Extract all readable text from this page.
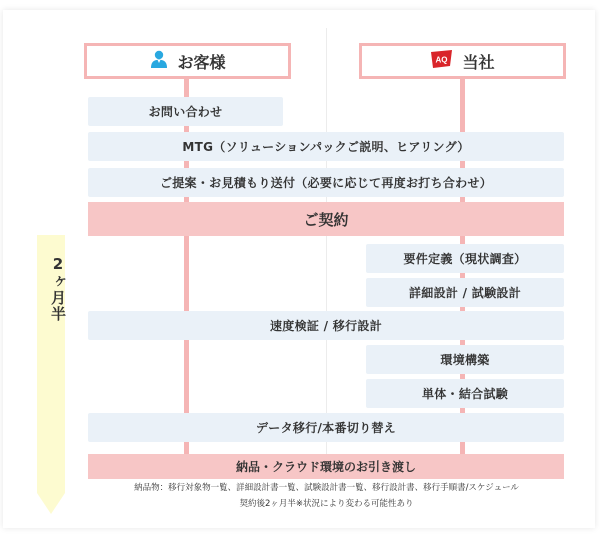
お客様	AQ 当社
お問い合わせ
MTG（ソリューションパックご説明、ヒアリング）
ご提案・お見積もり送付（必要に応じて再度お打ち合わせ）
ご契約
要件定義（現状調査）
詳細設計 / 試験設計
速度検証 / 移行設計
環境構築
単体・結合試験
データ移行/本番切り替え
納品・クラウド環境のお引き渡し
納品物：移行対象物一覧、詳細設計書一覧、試験設計書一覧、移行設計書、移行手順書/スケジュール
契約後2ヶ月半※状況により変わる可能性あり
2ヶ月半
